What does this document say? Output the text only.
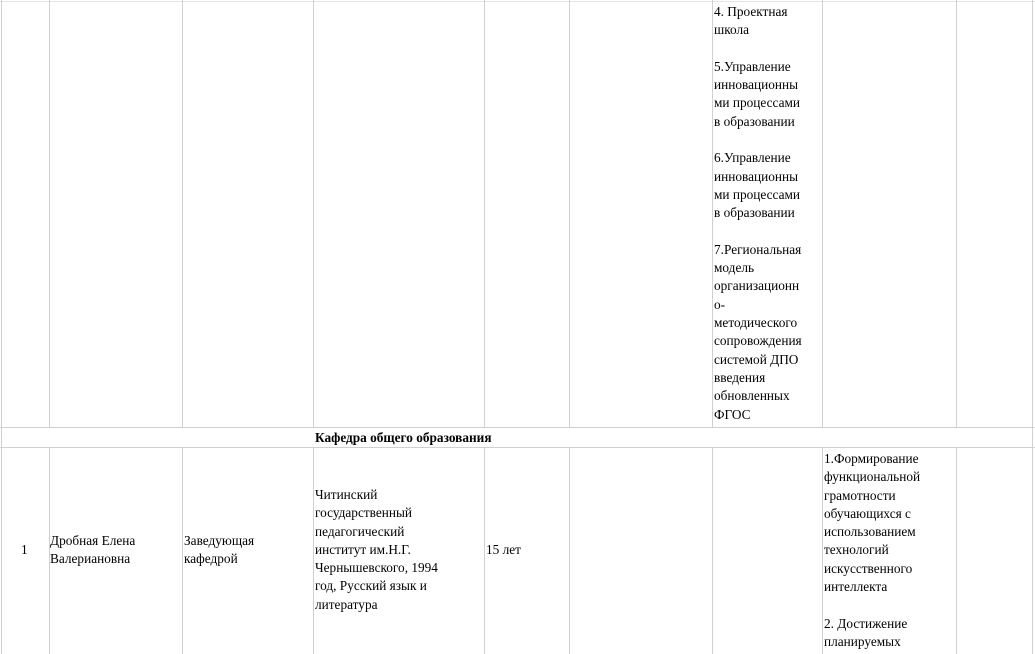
4. Проектная
школа

5.Управление
инновационны
ми процессами
в образовании

6.Управление
инновационны
ми процессами
в образовании

7.Региональная
модель
организационн
о-
методического
сопровождения
системой ДПО
введения
обновленных
ФГОС
Кафедра общего образования
1
Дробная Елена
Валериановна
Заведующая
кафедрой
Читинский
государственный
педагогический
институт им.Н.Г.
Чернышевского, 1994
год, Русский язык и
литература
15 лет
1.Формирование
функциональной
грамотности
обучающихся с
использованием
технологий
искусственного
интеллекта

2. Достижение
планируемых
